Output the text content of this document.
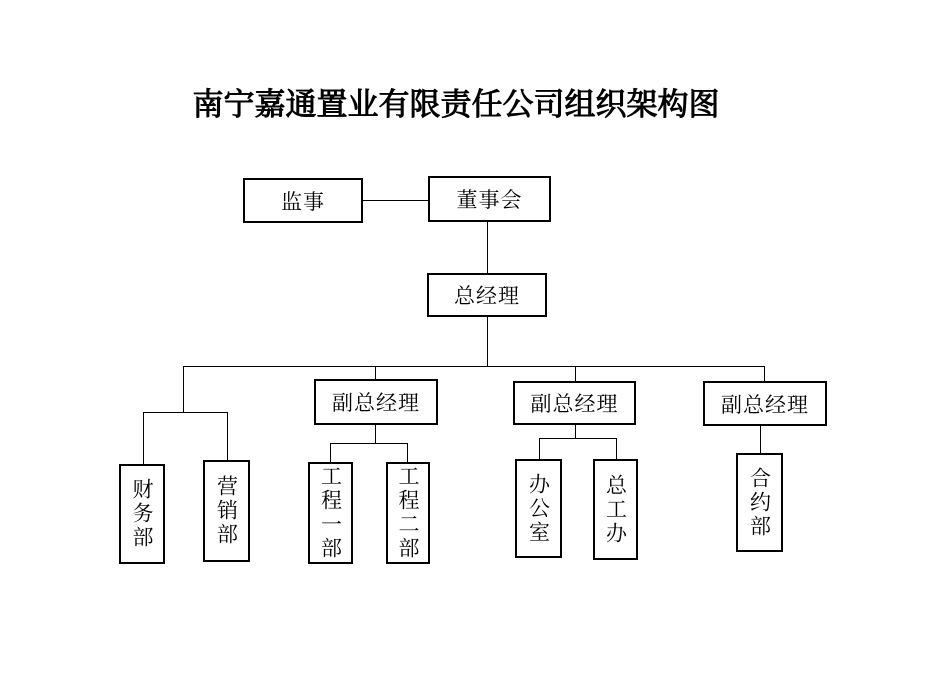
南宁嘉通置业有限责任公司组织架构图
监事	董事会
总经理
副总经理	副总经理	副总经理
财务部	营销部	工程一部	工程二部	办公室	总工办	合约部
